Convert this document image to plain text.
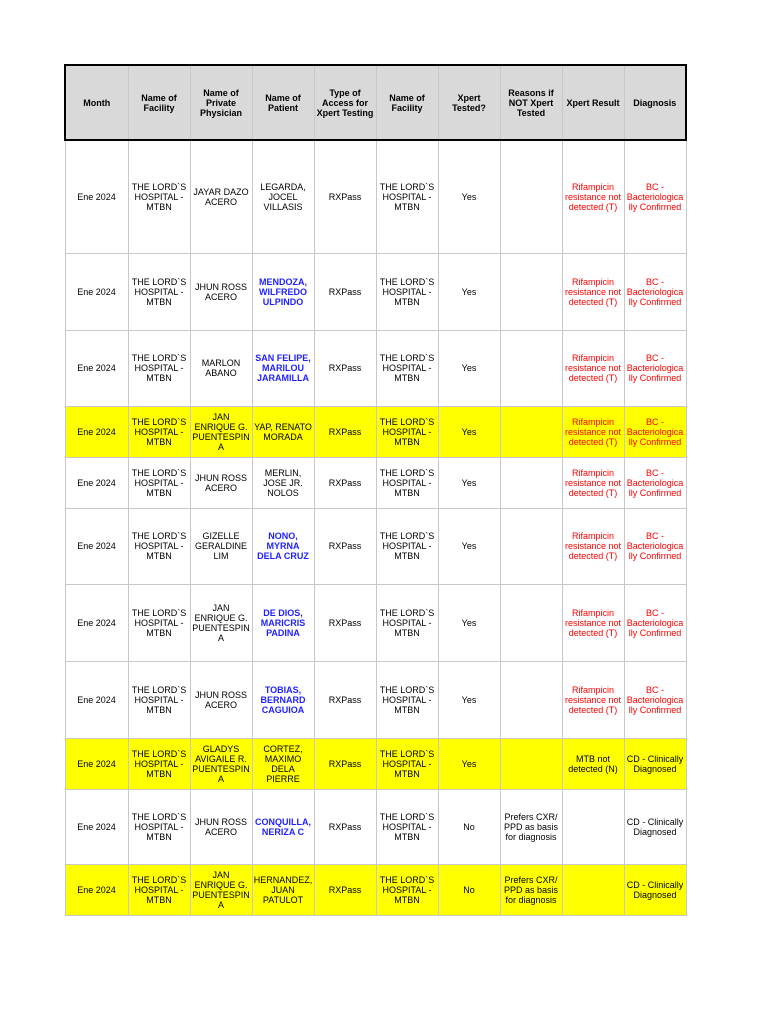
Month	Name of Facility	Name of Private Physician	Name of Patient	Type of Access for Xpert Testing	Name of Facility	Xpert Tested?	Reasons if NOT Xpert Tested	Xpert Result	Diagnosis
Ene 2024	THE LORD`S HOSPITAL - MTBN	JAYAR DAZO ACERO	LEGARDA, JOCEL VILLASIS	RXPass	THE LORD`S HOSPITAL - MTBN	Yes		Rifampicin resistance not detected (T)	BC - Bacteriologica lly Confirmed
Ene 2024	THE LORD`S HOSPITAL - MTBN	JHUN ROSS ACERO	MENDOZA, WILFREDO ULPINDO	RXPass	THE LORD`S HOSPITAL - MTBN	Yes		Rifampicin resistance not detected (T)	BC - Bacteriologica lly Confirmed
Ene 2024	THE LORD`S HOSPITAL - MTBN	MARLON ABANO	SAN FELIPE, MARILOU JARAMILLA	RXPass	THE LORD`S HOSPITAL - MTBN	Yes		Rifampicin resistance not detected (T)	BC - Bacteriologica lly Confirmed
Ene 2024	THE LORD`S HOSPITAL - MTBN	JAN ENRIQUE G. PUENTESPINA	YAP, RENATO MORADA	RXPass	THE LORD`S HOSPITAL - MTBN	Yes		Rifampicin resistance not detected (T)	BC - Bacteriologica lly Confirmed
Ene 2024	THE LORD`S HOSPITAL - MTBN	JHUN ROSS ACERO	MERLIN, JOSE JR. NOLOS	RXPass	THE LORD`S HOSPITAL - MTBN	Yes		Rifampicin resistance not detected (T)	BC - Bacteriologica lly Confirmed
Ene 2024	THE LORD`S HOSPITAL - MTBN	GIZELLE GERALDINE LIM	NONO, MYRNA DELA CRUZ	RXPass	THE LORD`S HOSPITAL - MTBN	Yes		Rifampicin resistance not detected (T)	BC - Bacteriologica lly Confirmed
Ene 2024	THE LORD`S HOSPITAL - MTBN	JAN ENRIQUE G. PUENTESPINA	DE DIOS, MARICRIS PADINA	RXPass	THE LORD`S HOSPITAL - MTBN	Yes		Rifampicin resistance not detected (T)	BC - Bacteriologica lly Confirmed
Ene 2024	THE LORD`S HOSPITAL - MTBN	JHUN ROSS ACERO	TOBIAS, BERNARD CAGUIOA	RXPass	THE LORD`S HOSPITAL - MTBN	Yes		Rifampicin resistance not detected (T)	BC - Bacteriologica lly Confirmed
Ene 2024	THE LORD`S HOSPITAL - MTBN	GLADYS AVIGAILE R. PUENTESPINA	CORTEZ, MAXIMO DELA PIERRE	RXPass	THE LORD`S HOSPITAL - MTBN	Yes		MTB not detected (N)	CD - Clinically Diagnosed
Ene 2024	THE LORD`S HOSPITAL - MTBN	JHUN ROSS ACERO	CONQUILLA, NERIZA C	RXPass	THE LORD`S HOSPITAL - MTBN	No	Prefers CXR/ PPD as basis for diagnosis		CD - Clinically Diagnosed
Ene 2024	THE LORD`S HOSPITAL - MTBN	JAN ENRIQUE G. PUENTESPINA	HERNANDEZ, JUAN PATULOT	RXPass	THE LORD`S HOSPITAL - MTBN	No	Prefers CXR/ PPD as basis for diagnosis		CD - Clinically Diagnosed
